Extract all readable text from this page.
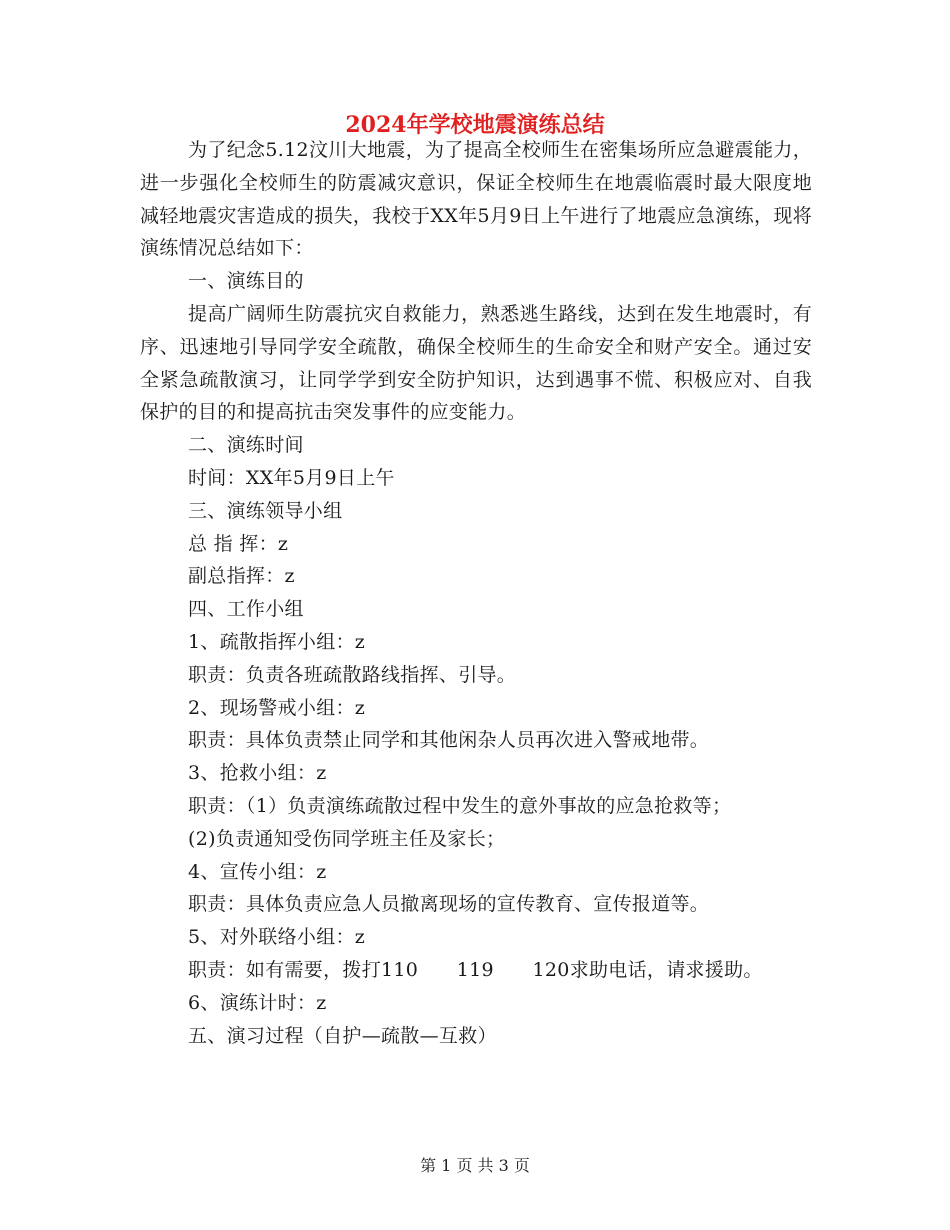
2024年学校地震演练总结

为了纪念5.12汶川大地震，为了提高全校师生在密集场所应急避震能力，进一步强化全校师生的防震减灾意识，保证全校师生在地震临震时最大限度地减轻地震灾害造成的损失，我校于XX年5月9日上午进行了地震应急演练，现将演练情况总结如下：

一、演练目的

提高广阔师生防震抗灾自救能力，熟悉逃生路线，达到在发生地震时，有序、迅速地引导同学安全疏散，确保全校师生的生命安全和财产安全。通过安全紧急疏散演习，让同学学到安全防护知识，达到遇事不慌、积极应对、自我保护的目的和提高抗击突发事件的应变能力。

二、演练时间

时间：XX年5月9日上午

三、演练领导小组

总 指 挥：z

副总指挥：z

四、工作小组

1、疏散指挥小组：z

职责：负责各班疏散路线指挥、引导。

2、现场警戒小组：z

职责：具体负责禁止同学和其他闲杂人员再次进入警戒地带。

3、抢救小组：z

职责：（1）负责演练疏散过程中发生的意外事故的应急抢救等；

(2)负责通知受伤同学班主任及家长；

4、宣传小组：z

职责：具体负责应急人员撤离现场的宣传教育、宣传报道等。

5、对外联络小组：z

职责：如有需要，拨打110　　119　　120求助电话，请求援助。

6、演练计时：z

五、演习过程（自护—疏散—互救）

第 1 页 共 3 页
